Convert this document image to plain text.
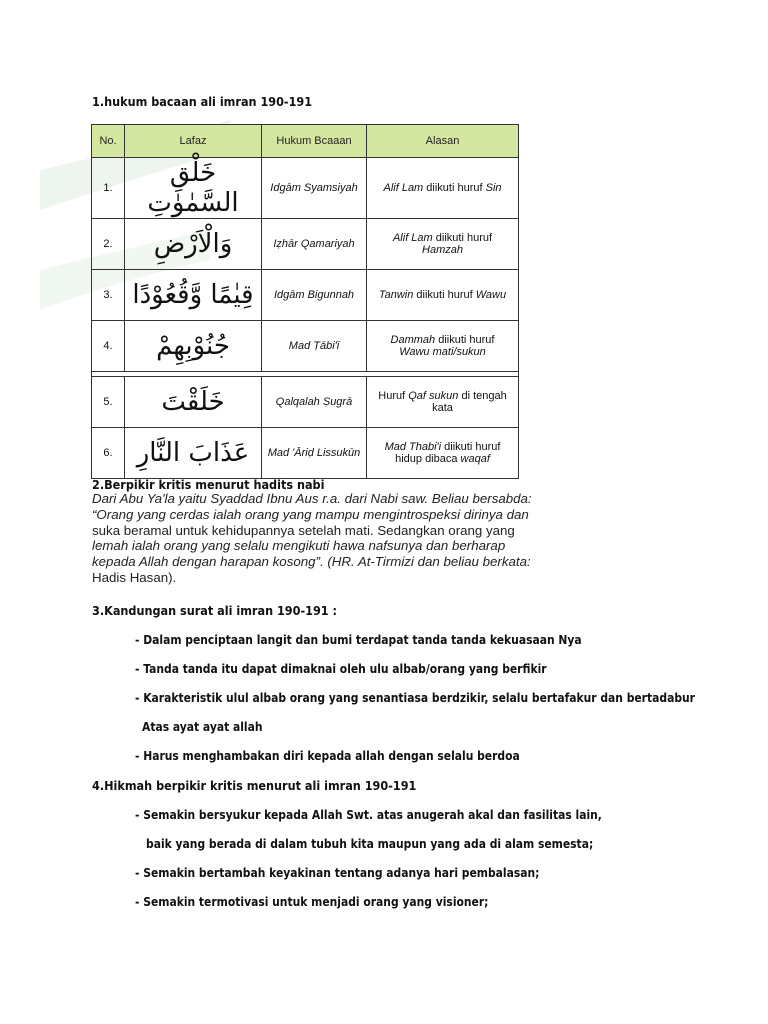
1.hukum bacaan ali imran 190-191
No.	Lafaz	Hukum Bcaaan	Alasan
1.	خَلْقِ السَّمٰوٰتِ	Idgām Syamsiyah	Alif Lam diikuti huruf Sin
2.	وَالْاَرْضِ	Iẓhār Qamariyah	Alif Lam diikuti huruf
Hamzah
3.	قِيٰمًا وَّقُعُوْدًا	Idgām Bigunnah	Tanwin diikuti huruf Wawu
4.	جُنُوْبِهِمْ	Mad Ṭābi'ī	Dammah diikuti huruf
Wawu mati/sukun

5.	خَلَقْتَ	Qalqalah Ṣugrā	Huruf Qaf sukun di tengah
kata
6.	عَذَابَ النَّارِ	Mad 'Āriḍ Lissukūn	Mad Thabi'i diikuti huruf
hidup dibaca waqaf
2.Berpikir kritis menurut hadits nabi
Dari Abu Ya'la yaitu Syaddad Ibnu Aus r.a. dari Nabi saw. Beliau bersabda:
“Orang yang cerdas ialah orang yang mampu mengintrospeksi dirinya dan
suka beramal untuk kehidupannya setelah mati. Sedangkan orang yang
lemah ialah orang yang selalu mengikuti hawa nafsunya dan berharap
kepada Allah dengan harapan kosong”. (HR. At-Tirmizi dan beliau berkata:
Hadis Hasan).
3.Kandungan surat ali imran 190-191 :
- Dalam penciptaan langit dan bumi terdapat tanda tanda kekuasaan Nya
- Tanda tanda itu dapat dimaknai oleh ulu albab/orang yang berfikir
- Karakteristik ulul albab orang yang senantiasa berdzikir, selalu bertafakur dan bertadabur
Atas ayat ayat allah
- Harus menghambakan diri kepada allah dengan selalu berdoa
4.Hikmah berpikir kritis menurut ali imran 190-191
- Semakin bersyukur kepada Allah Swt. atas anugerah akal dan fasilitas lain,
baik yang berada di dalam tubuh kita maupun yang ada di alam semesta;
- Semakin bertambah keyakinan tentang adanya hari pembalasan;
- Semakin termotivasi untuk menjadi orang yang visioner;
